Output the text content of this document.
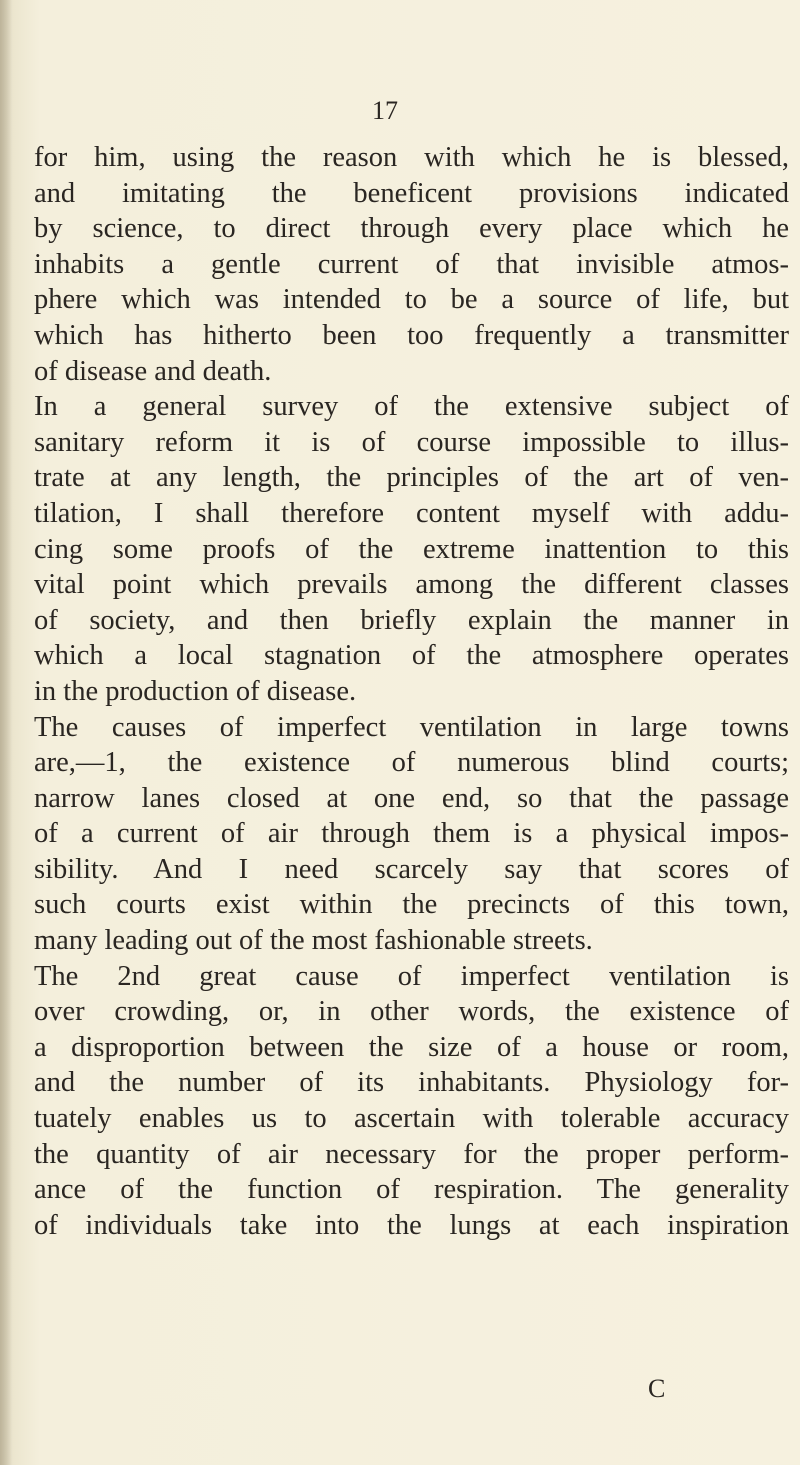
17
for him, using the reason with which he is blessed,
and imitating the beneficent provisions indicated
by science, to direct through every place which he
inhabits a gentle current of that invisible atmos-
phere which was intended to be a source of life, but
which has hitherto been too frequently a transmitter
of disease and death.
In a general survey of the extensive subject of
sanitary reform it is of course impossible to illus-
trate at any length, the principles of the art of ven-
tilation, I shall therefore content myself with addu-
cing some proofs of the extreme inattention to this
vital point which prevails among the different classes
of society, and then briefly explain the manner in
which a local stagnation of the atmosphere operates
in the production of disease.
The causes of imperfect ventilation in large towns
are,—1, the existence of numerous blind courts;
narrow lanes closed at one end, so that the passage
of a current of air through them is a physical impos-
sibility. And I need scarcely say that scores of
such courts exist within the precincts of this town,
many leading out of the most fashionable streets.
The 2nd great cause of imperfect ventilation is
over crowding, or, in other words, the existence of
a disproportion between the size of a house or room,
and the number of its inhabitants. Physiology for-
tuately enables us to ascertain with tolerable accuracy
the quantity of air necessary for the proper perform-
ance of the function of respiration. The generality
of individuals take into the lungs at each inspiration
C
